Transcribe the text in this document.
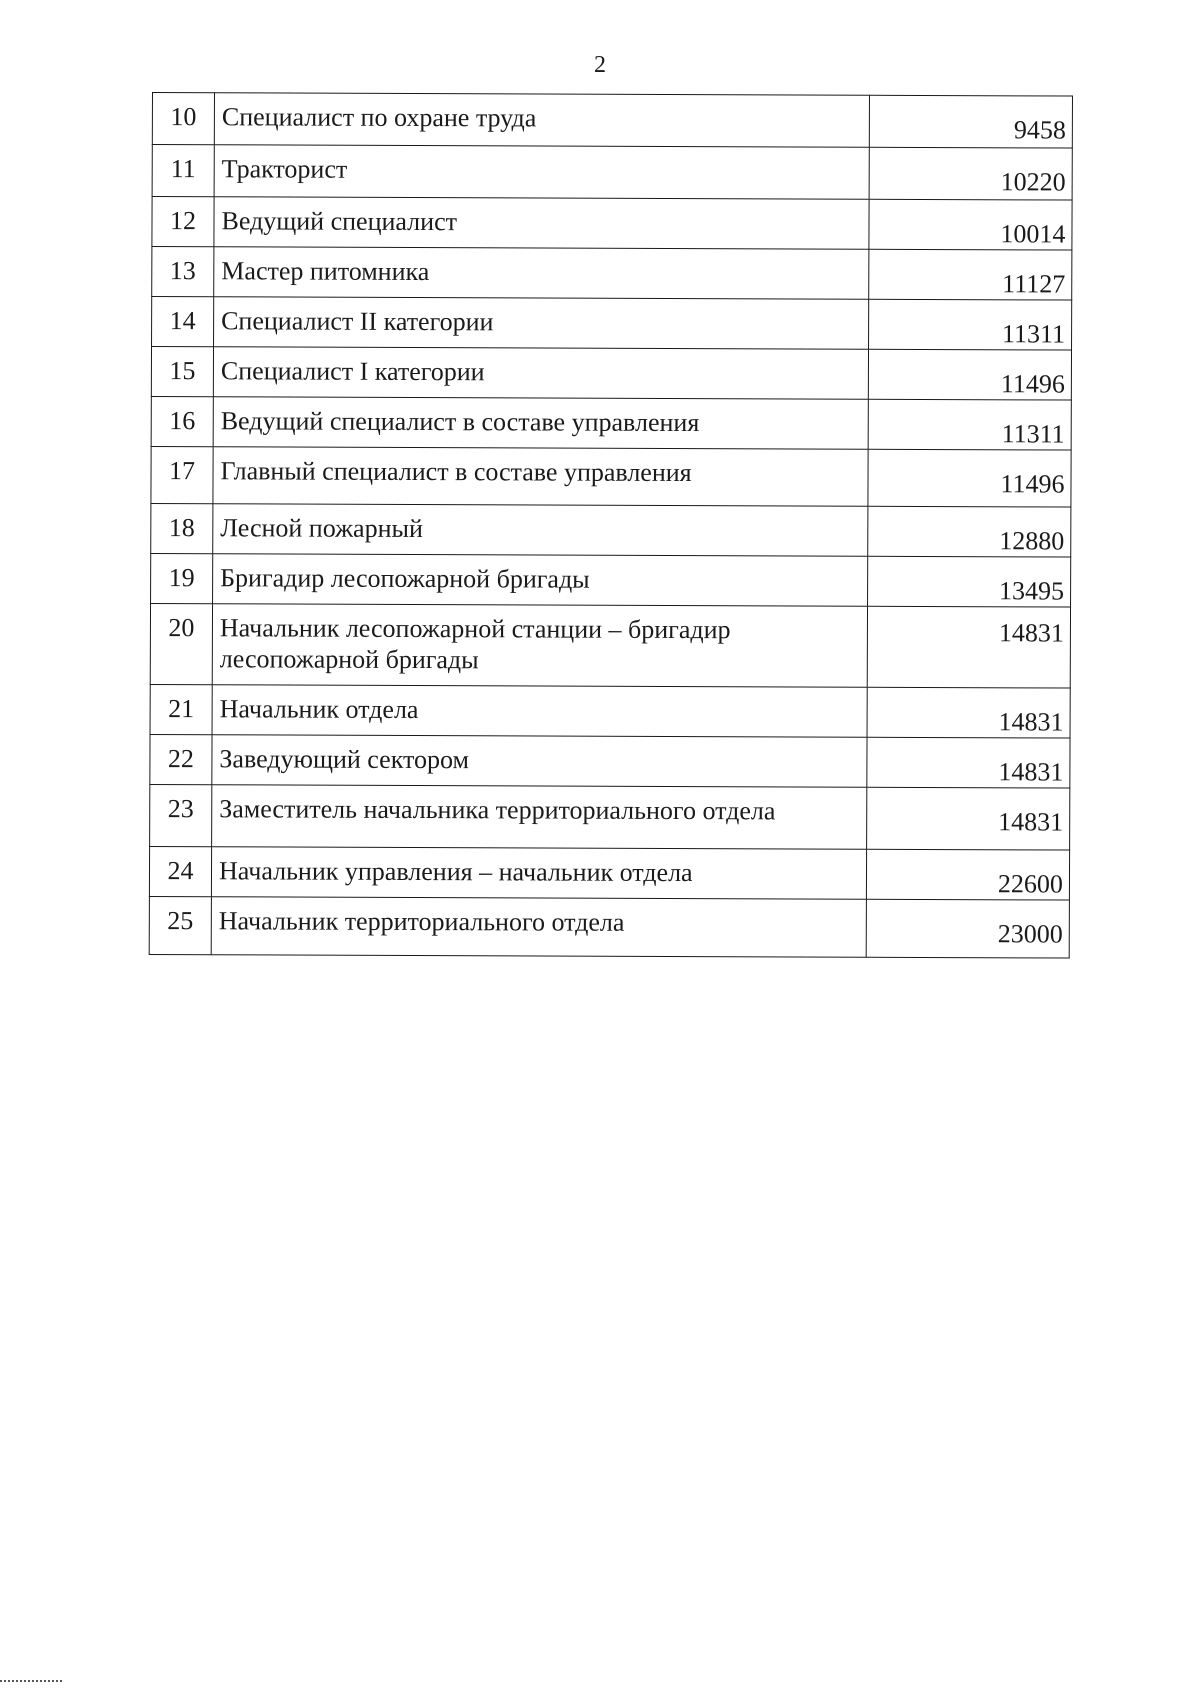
2
10	Специалист по охране труда	9458
11	Тракторист	10220
12	Ведущий специалист	10014
13	Мастер питомника	11127
14	Специалист II категории	11311
15	Специалист I категории	11496
16	Ведущий специалист в составе управления	11311
17	Главный специалист в составе управления	11496
18	Лесной пожарный	12880
19	Бригадир лесопожарной бригады	13495
20	Начальник лесопожарной станции – бригадир лесопожарной бригады	14831
21	Начальник отдела	14831
22	Заведующий сектором	14831
23	Заместитель начальника территориального отдела	14831
24	Начальник управления – начальник отдела	22600
25	Начальник территориального отдела	23000
